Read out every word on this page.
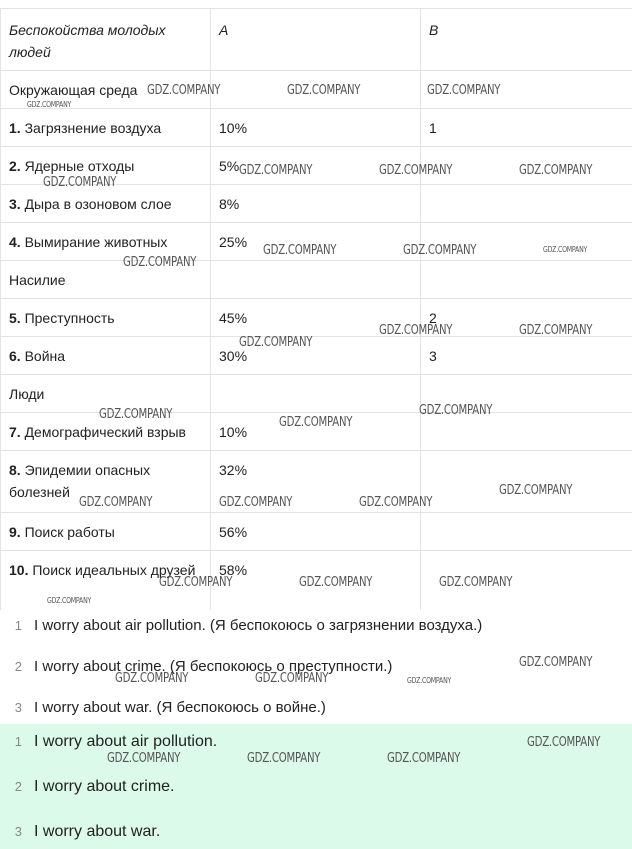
Беспокойства молодых людей	A	B
Окружающая среда		
1. Загрязнение воздуха	10%	1
2. Ядерные отходы	5%	
3. Дыра в озоновом слое	8%	
4. Вымирание животных	25%	
Насилие		
5. Преступность	45%	2
6. Война	30%	3
Люди		
7. Демографический взрыв	10%	
8. Эпидемии опасных болезней	32%	
9. Поиск работы	56%	
10. Поиск идеальных друзей	58%	
1 I worry about air pollution. (Я беспокоюсь о загрязнении воздуха.)
2 I worry about crime. (Я беспокоюсь о преступности.)
3 I worry about war. (Я беспокоюсь о войне.)
1 I worry about air pollution.
2 I worry about crime.
3 I worry about war.
GDZ.COMPANY	GDZ.COMPANY	GDZ.COMPANY
GDZ.COMPANY
GDZ.COMPANY	GDZ.COMPANY	GDZ.COMPANY
GDZ.COMPANY
GDZ.COMPANY	GDZ.COMPANY	GDZ.COMPANY
GDZ.COMPANY
GDZ.COMPANY	GDZ.COMPANY
GDZ.COMPANY
GDZ.COMPANY	GDZ.COMPANY
GDZ.COMPANY
GDZ.COMPANY
GDZ.COMPANY	GDZ.COMPANY	GDZ.COMPANY
GDZ.COMPANY	GDZ.COMPANY	GDZ.COMPANY
GDZ.COMPANY
GDZ.COMPANY
GDZ.COMPANY	GDZ.COMPANY	GDZ.COMPANY
GDZ.COMPANY
GDZ.COMPANY	GDZ.COMPANY	GDZ.COMPANY
